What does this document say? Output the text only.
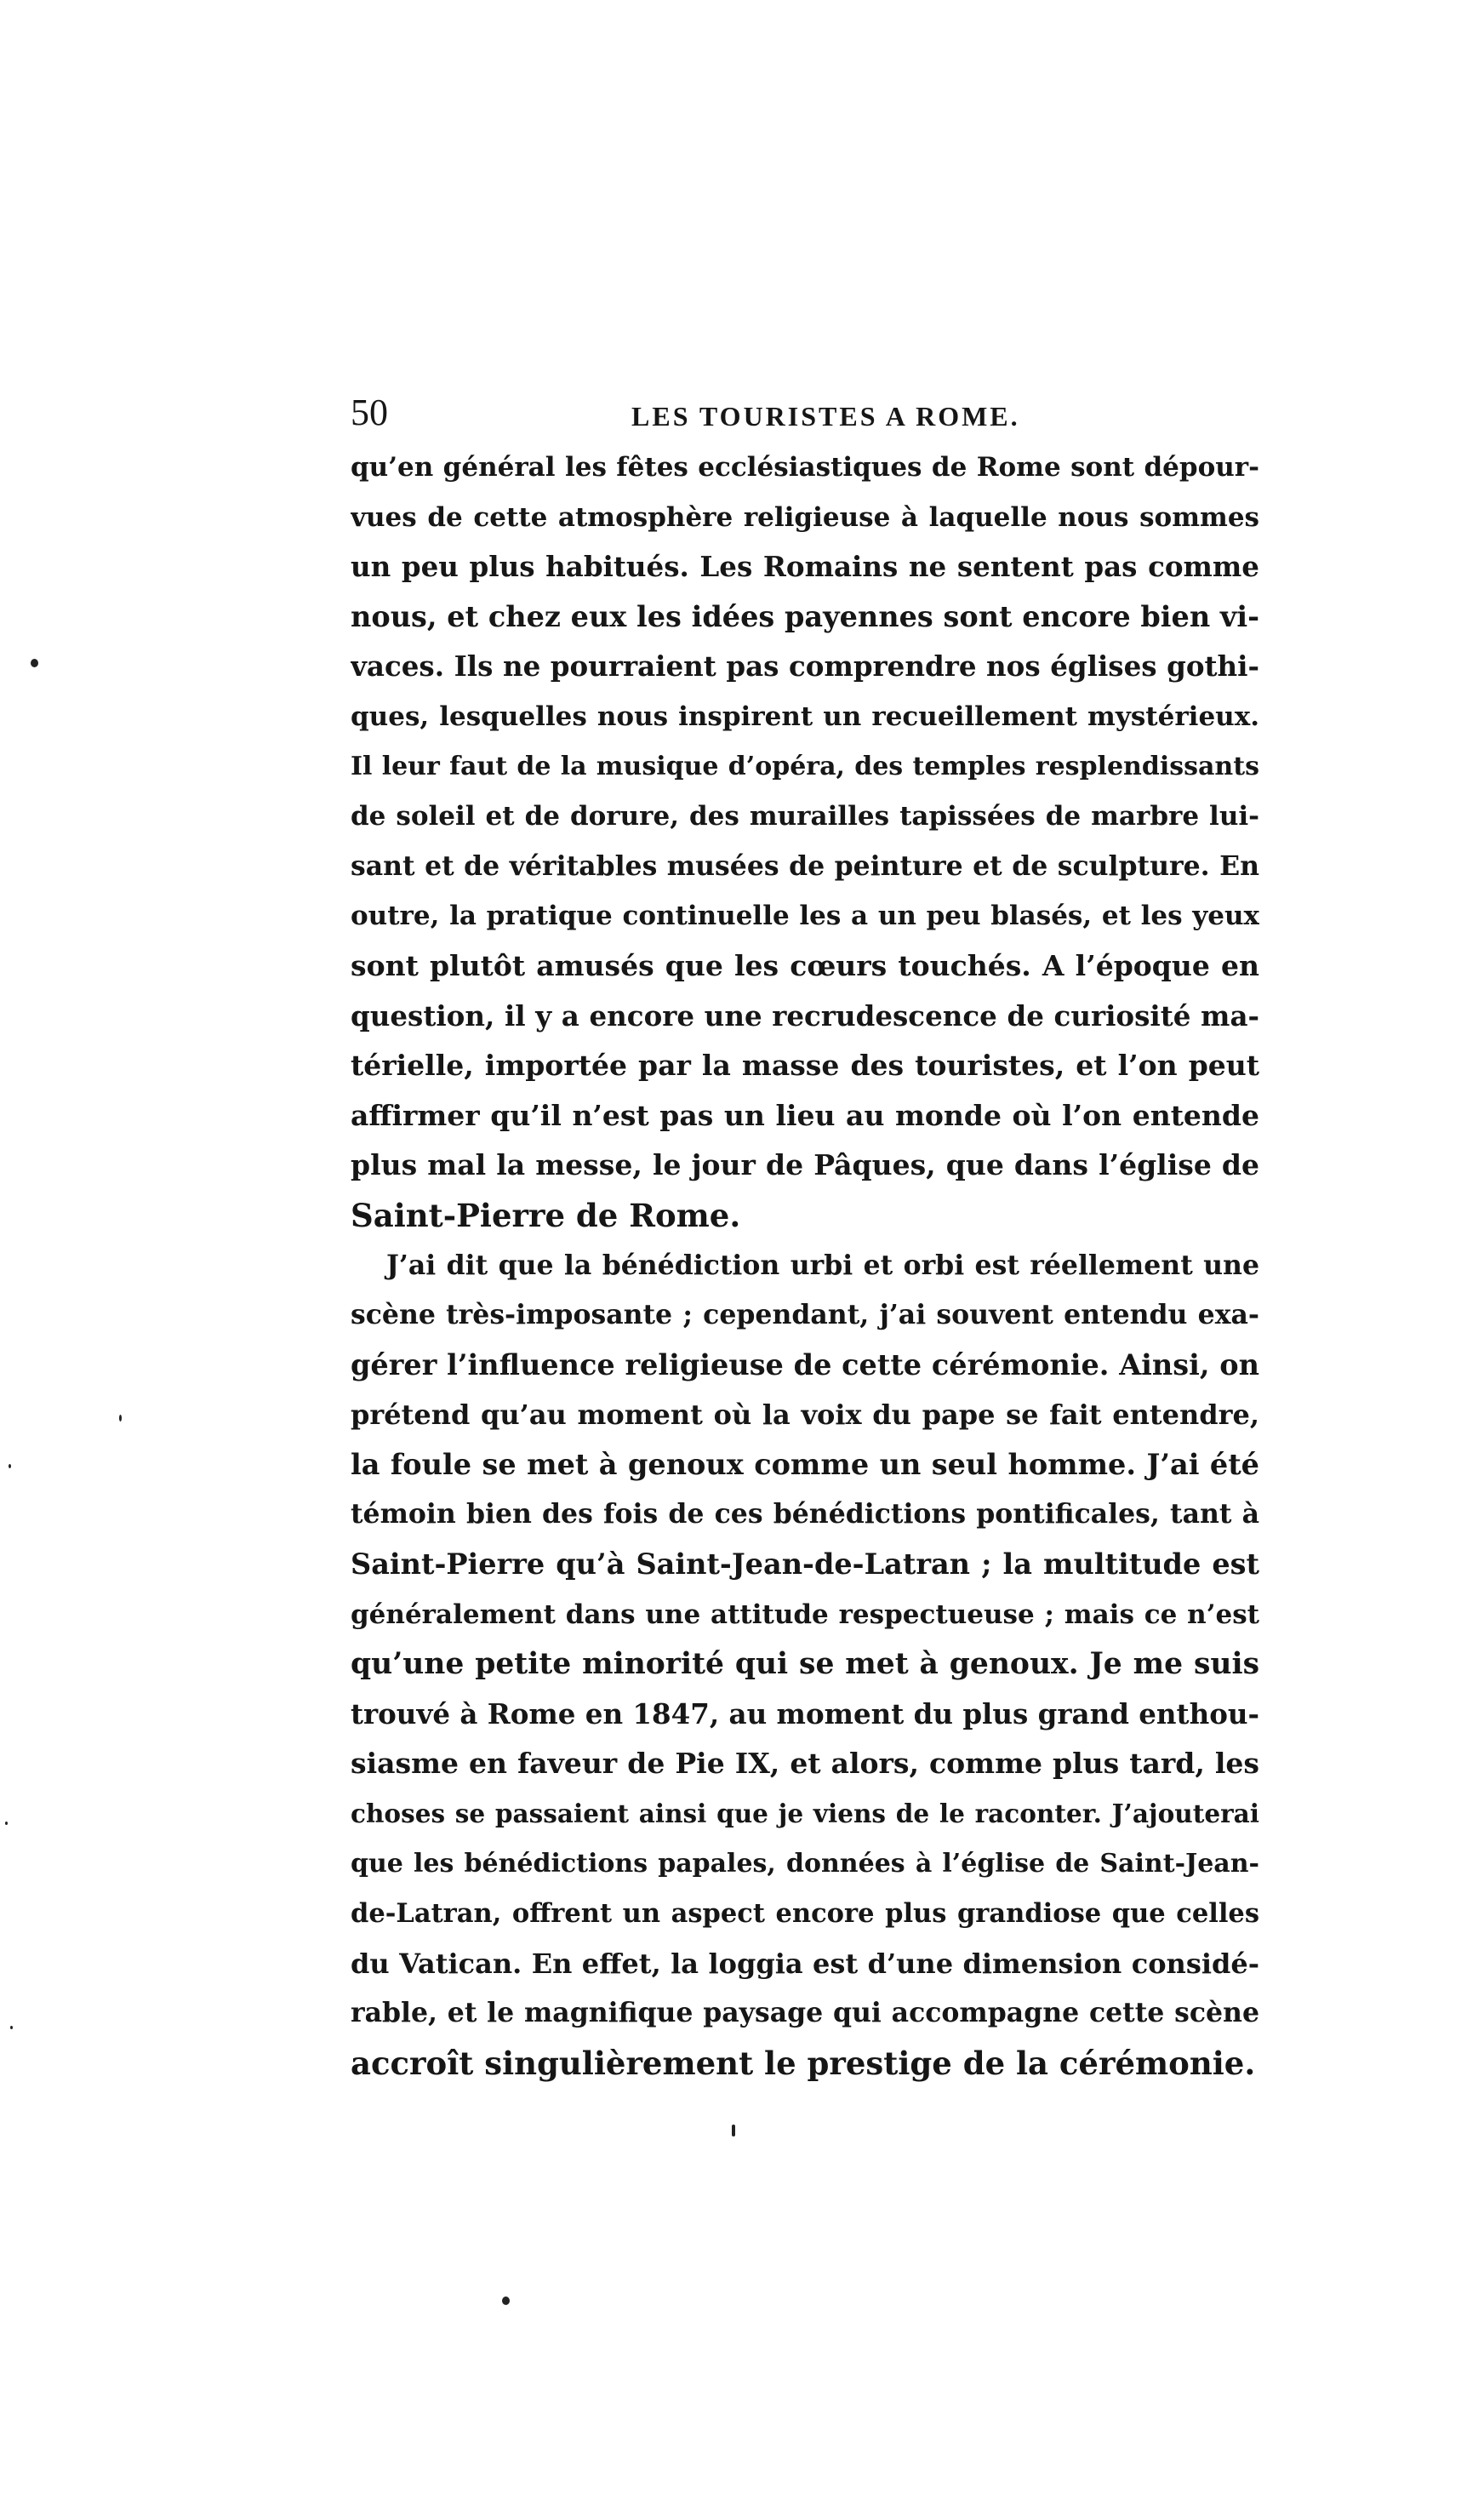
50	LES TOURISTES A ROME.
qu’en général les fêtes ecclésiastiques de Rome sont dépour-
vues de cette atmosphère religieuse à laquelle nous sommes
un peu plus habitués. Les Romains ne sentent pas comme
nous, et chez eux les idées payennes sont encore bien vi-
vaces. Ils ne pourraient pas comprendre nos églises gothi-
ques, lesquelles nous inspirent un recueillement mystérieux.
Il leur faut de la musique d’opéra, des temples resplendissants
de soleil et de dorure, des murailles tapissées de marbre lui-
sant et de véritables musées de peinture et de sculpture. En
outre, la pratique continuelle les a un peu blasés, et les yeux
sont plutôt amusés que les cœurs touchés. A l’époque en
question, il y a encore une recrudescence de curiosité ma-
térielle, importée par la masse des touristes, et l’on peut
affirmer qu’il n’est pas un lieu au monde où l’on entende
plus mal la messe, le jour de Pâques, que dans l’église de
Saint-Pierre de Rome.
J’ai dit que la bénédiction urbi et orbi est réellement une
scène très-imposante ; cependant, j’ai souvent entendu exa-
gérer l’influence religieuse de cette cérémonie. Ainsi, on
prétend qu’au moment où la voix du pape se fait entendre,
la foule se met à genoux comme un seul homme. J’ai été
témoin bien des fois de ces bénédictions pontificales, tant à
Saint-Pierre qu’à Saint-Jean-de-Latran ; la multitude est
généralement dans une attitude respectueuse ; mais ce n’est
qu’une petite minorité qui se met à genoux. Je me suis
trouvé à Rome en 1847, au moment du plus grand enthou-
siasme en faveur de Pie IX, et alors, comme plus tard, les
choses se passaient ainsi que je viens de le raconter. J’ajouterai
que les bénédictions papales, données à l’église de Saint-Jean-
de-Latran, offrent un aspect encore plus grandiose que celles
du Vatican. En effet, la loggia est d’une dimension considé-
rable, et le magnifique paysage qui accompagne cette scène
accroît singulièrement le prestige de la cérémonie.
